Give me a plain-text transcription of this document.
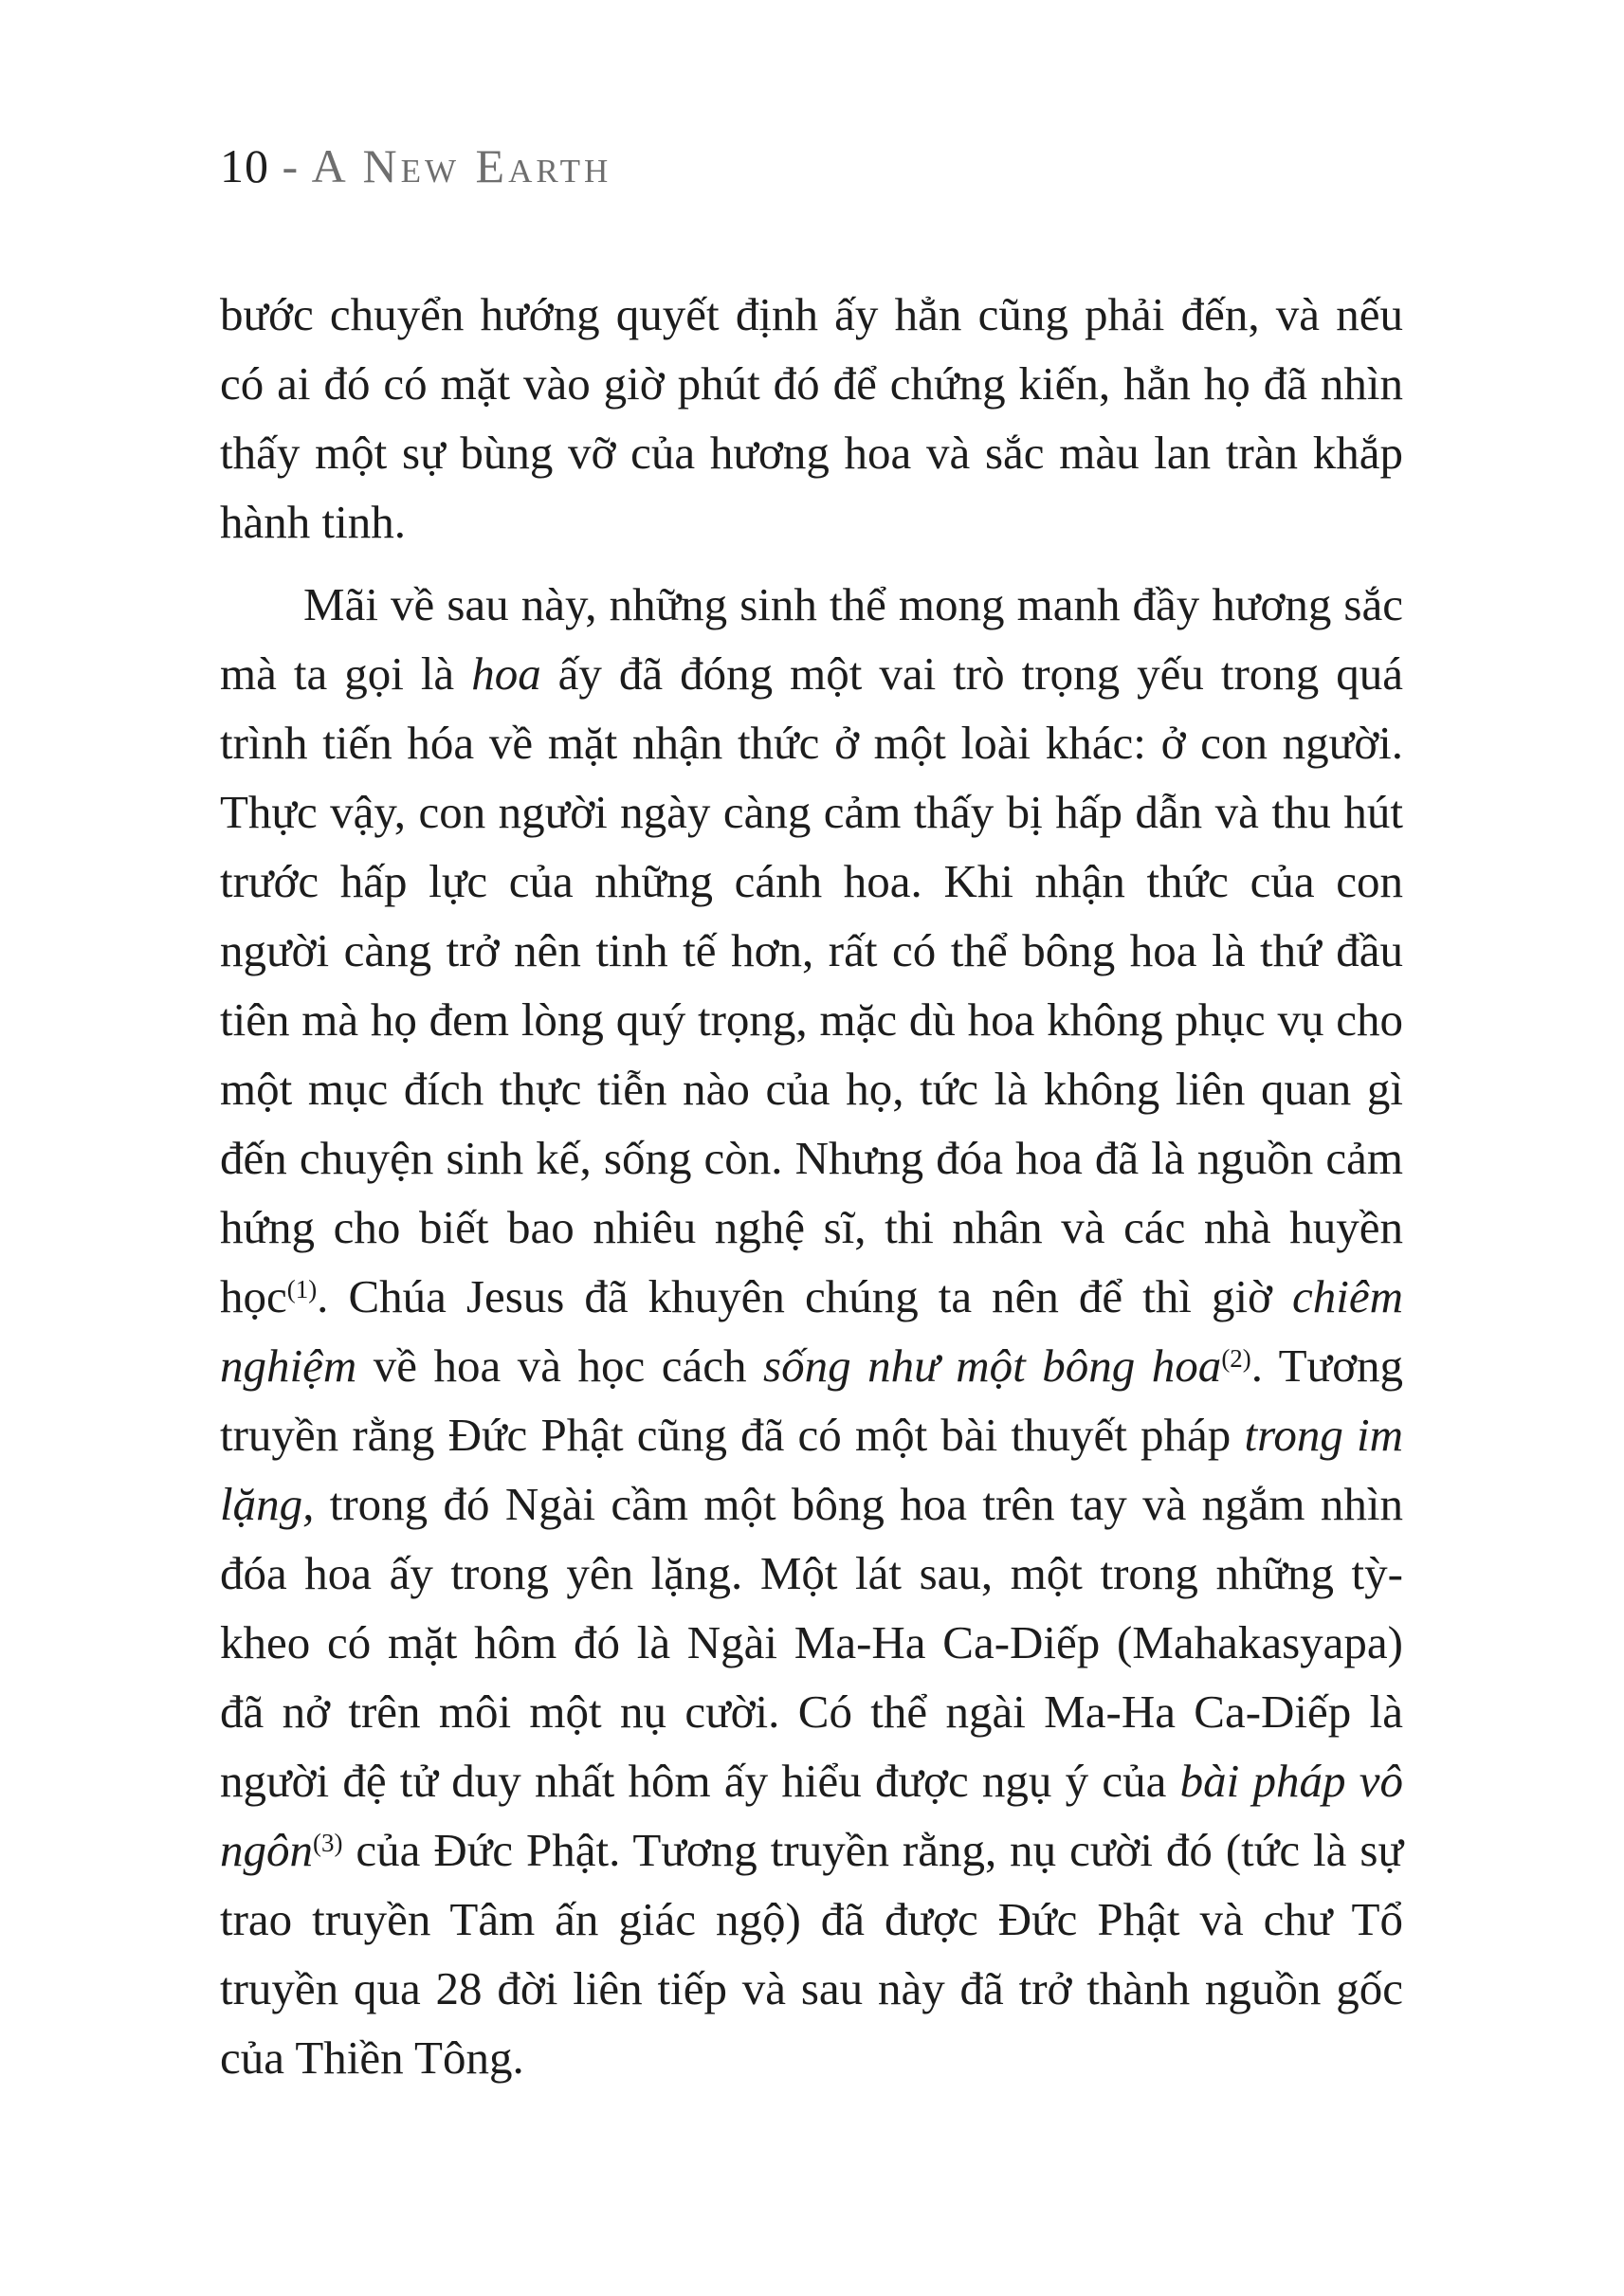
10 - A New Earth

bước chuyển hướng quyết định ấy hẳn cũng phải đến, và nếu có ai đó có mặt vào giờ phút đó để chứng kiến, hẳn họ đã nhìn thấy một sự bùng vỡ của hương hoa và sắc màu lan tràn khắp hành tinh.

Mãi về sau này, những sinh thể mong manh đầy hương sắc mà ta gọi là hoa ấy đã đóng một vai trò trọng yếu trong quá trình tiến hóa về mặt nhận thức ở một loài khác: ở con người. Thực vậy, con người ngày càng cảm thấy bị hấp dẫn và thu hút trước hấp lực của những cánh hoa. Khi nhận thức của con người càng trở nên tinh tế hơn, rất có thể bông hoa là thứ đầu tiên mà họ đem lòng quý trọng, mặc dù hoa không phục vụ cho một mục đích thực tiễn nào của họ, tức là không liên quan gì đến chuyện sinh kế, sống còn. Nhưng đóa hoa đã là nguồn cảm hứng cho biết bao nhiêu nghệ sĩ, thi nhân và các nhà huyền học$^{(1)}$. Chúa Jesus đã khuyên chúng ta nên để thì giờ chiêm nghiệm về hoa và học cách sống như một bông hoa$^{(2)}$. Tương truyền rằng Đức Phật cũng đã có một bài thuyết pháp trong im lặng, trong đó Ngài cầm một bông hoa trên tay và ngắm nhìn đóa hoa ấy trong yên lặng. Một lát sau, một trong những tỳ-kheo có mặt hôm đó là Ngài Ma-Ha Ca-Diếp (Mahakasyapa) đã nở trên môi một nụ cười. Có thể ngài Ma-Ha Ca-Diếp là người đệ tử duy nhất hôm ấy hiểu được ngụ ý của bài pháp vô ngôn$^{(3)}$ của Đức Phật. Tương truyền rằng, nụ cười đó (tức là sự trao truyền Tâm ấn giác ngộ) đã được Đức Phật và chư Tổ truyền qua 28 đời liên tiếp và sau này đã trở thành nguồn gốc của Thiền Tông.
